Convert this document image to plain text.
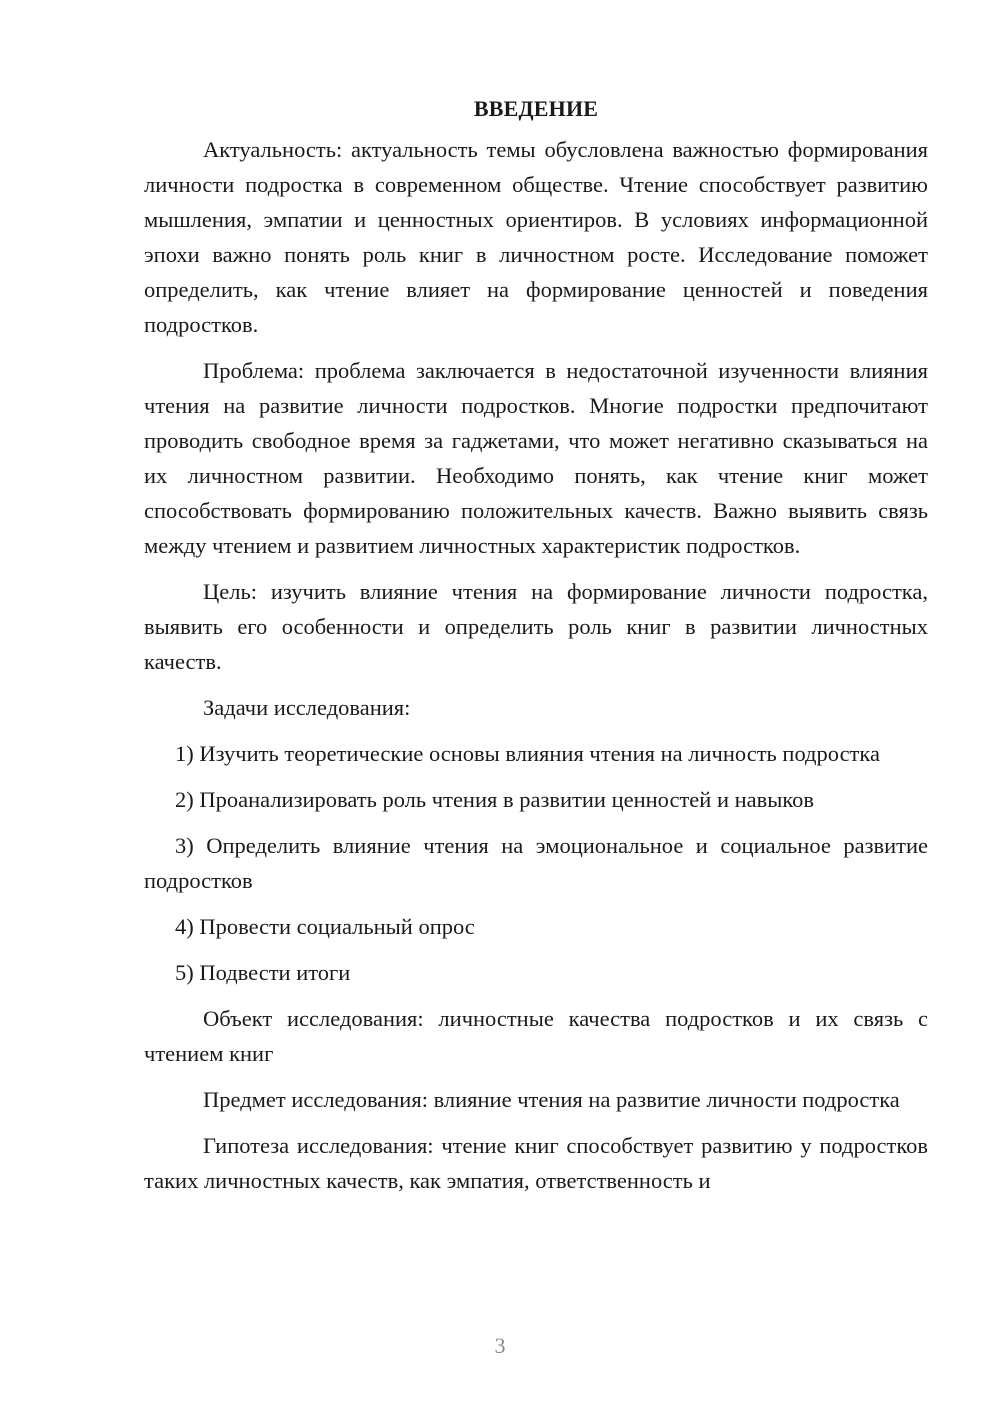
ВВЕДЕНИЕ

Актуальность: актуальность темы обусловлена важностью формирования личности подростка в современном обществе. Чтение способствует развитию мышления, эмпатии и ценностных ориентиров. В условиях информационной эпохи важно понять роль книг в личностном росте. Исследование поможет определить, как чтение влияет на формирование ценностей и поведения подростков.

Проблема: проблема заключается в недостаточной изученности влияния чтения на развитие личности подростков. Многие подростки предпочитают проводить свободное время за гаджетами, что может негативно сказываться на их личностном развитии. Необходимо понять, как чтение книг может способствовать формированию положительных качеств. Важно выявить связь между чтением и развитием личностных характеристик подростков.

Цель: изучить влияние чтения на формирование личности подростка, выявить его особенности и определить роль книг в развитии личностных качеств.

Задачи исследования:

1) Изучить теоретические основы влияния чтения на личность подростка

2) Проанализировать роль чтения в развитии ценностей и навыков

3) Определить влияние чтения на эмоциональное и социальное развитие подростков

4) Провести социальный опрос

5) Подвести итоги

Объект исследования: личностные качества подростков и их связь с чтением книг

Предмет исследования: влияние чтения на развитие личности подростка

Гипотеза исследования: чтение книг способствует развитию у подростков таких личностных качеств, как эмпатия, ответственность и

3
